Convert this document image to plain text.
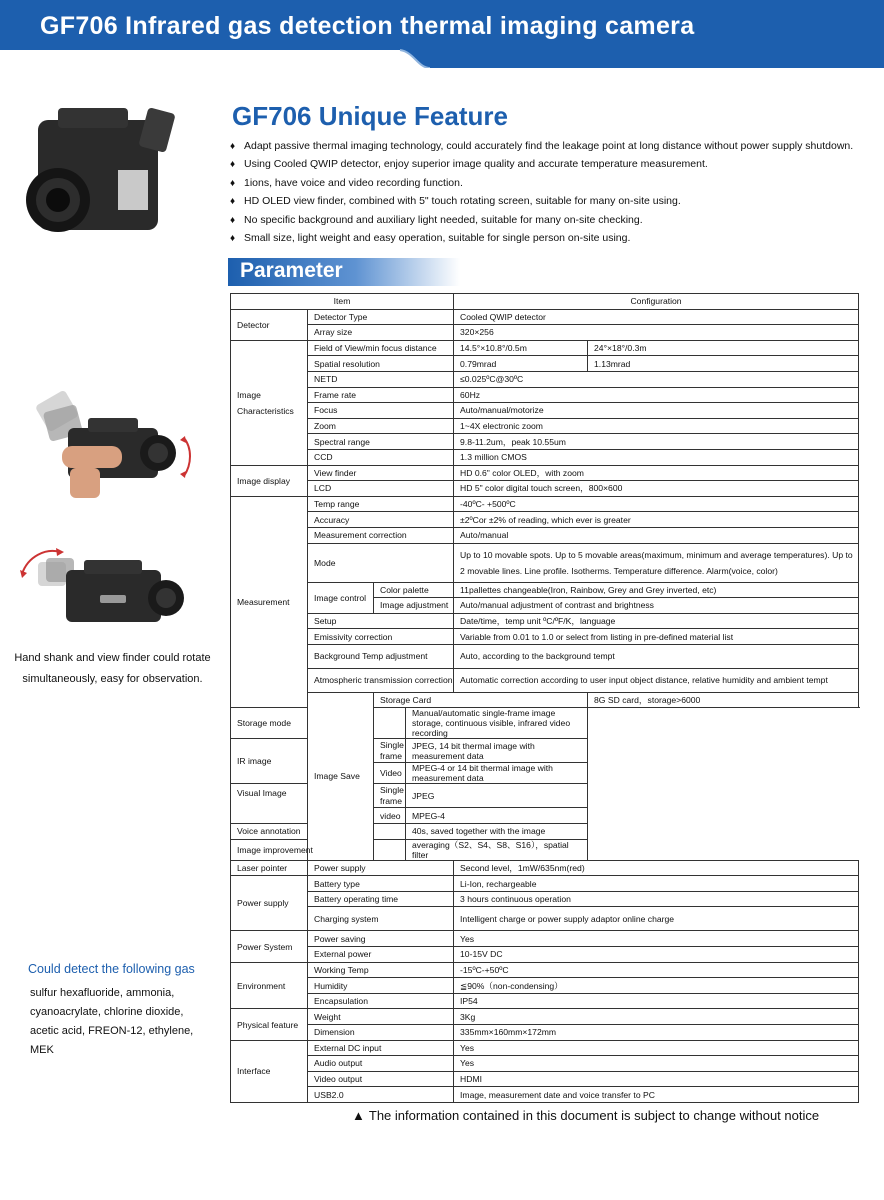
GF706 Infrared gas detection thermal imaging camera
GF706 Unique Feature
♦ Adapt passive thermal imaging technology, could accurately find the leakage point at long distance without power supply shutdown.
♦ Using Cooled QWIP detector, enjoy superior image quality and accurate temperature measurement.
♦ 1ions, have voice and video recording function.
♦ HD OLED view finder, combined with 5" touch rotating screen, suitable for many on-site using.
♦ No specific background and auxiliary light needed, suitable for many on-site checking.
♦ Small size, light weight and easy operation, suitable for single person on-site using.
Parameter
Hand shank and view finder could rotate simultaneously, easy for observation.
Could detect the following gas
sulfur hexafluoride, ammonia,
cyanoacrylate, chlorine dioxide,
acetic acid, FREON-12, ethylene,
MEK
Item				Configuration	
Detector	Detector Type			Cooled QWIP detector	
	Array size			320×256	
Image
Characteristics	Field of View/min focus distance			14.5°×10.8°/0.5m	24°×18°/0.3m
	Spatial resolution			0.79mrad	1.13mrad
	NETD			≤0.025ºC@30ºC	
	Frame rate			60Hz	
	Focus			Auto/manual/motorize	
	Zoom			1~4X electronic zoom	
	Spectral range			9.8-11.2um，peak 10.55um	
	CCD			1.3 million CMOS	
Image display	View finder			HD 0.6" color OLED，with zoom	
	LCD			HD 5" color digital touch screen，800×600	
Measurement	Temp range			-40ºC- +500ºC	
	Accuracy			±2ºCor ±2% of reading, which ever is greater	
	Measurement correction			Auto/manual	
	Mode			Up to 10 movable spots. Up to 5 movable areas(maximum, minimum and average temperatures). Up to 2 movable lines. Line profile. Isotherms. Temperature difference. Alarm(voice, color)	
	Image control	Color palette		11pallettes changeable(Iron, Rainbow, Grey and Grey inverted, etc)	
		Image adjustment		Auto/manual adjustment of contrast and brightness	
	Setup			Date/time，temp unit ºC/ºF/K，language	
	Emissivity correction			Variable from 0.01 to 1.0 or select from listing in pre-defined material list	
	Background Temp adjustment			Auto, according to the background tempt	
	Atmospheric transmission correction			Automatic correction according to user input object distance, relative humidity and ambient tempt	
	Image Save	Storage Card			8G SD card，storage>6000
Storage mode			Manual/automatic single-frame image storage, continuous visible, infrared video recording		
IR image		Single frame	JPEG, 14 bit thermal image with measurement data		
		Video	MPEG-4 or 14 bit thermal image with measurement data		
Visual Image		Single frame	JPEG		
		video	MPEG-4		
Voice annotation			40s, saved together with the image		
Image improvement			averaging（S2、S4、S8、S16），spatial filter		
Laser pointer	Power supply			Second level，1mW/635nm(red)	
Power supply	Battery type			Li-Ion, rechargeable	
	Battery operating time			3 hours continuous operation	
	Charging system			Intelligent charge or power supply adaptor online charge	
Power System	Power saving			Yes	
	External power			10-15V DC	
Environment	Working Temp			-15ºC-+50ºC	
	Humidity			≦90%（non-condensing）	
	Encapsulation			IP54	
Physical feature	Weight			3Kg	
	Dimension			335mm×160mm×172mm	
Interface	External DC input			Yes	
	Audio output			Yes	
	Video output			HDMI	
	USB2.0			Image, measurement date and voice transfer to PC	
▲ The information contained in this document is subject to change without notice
